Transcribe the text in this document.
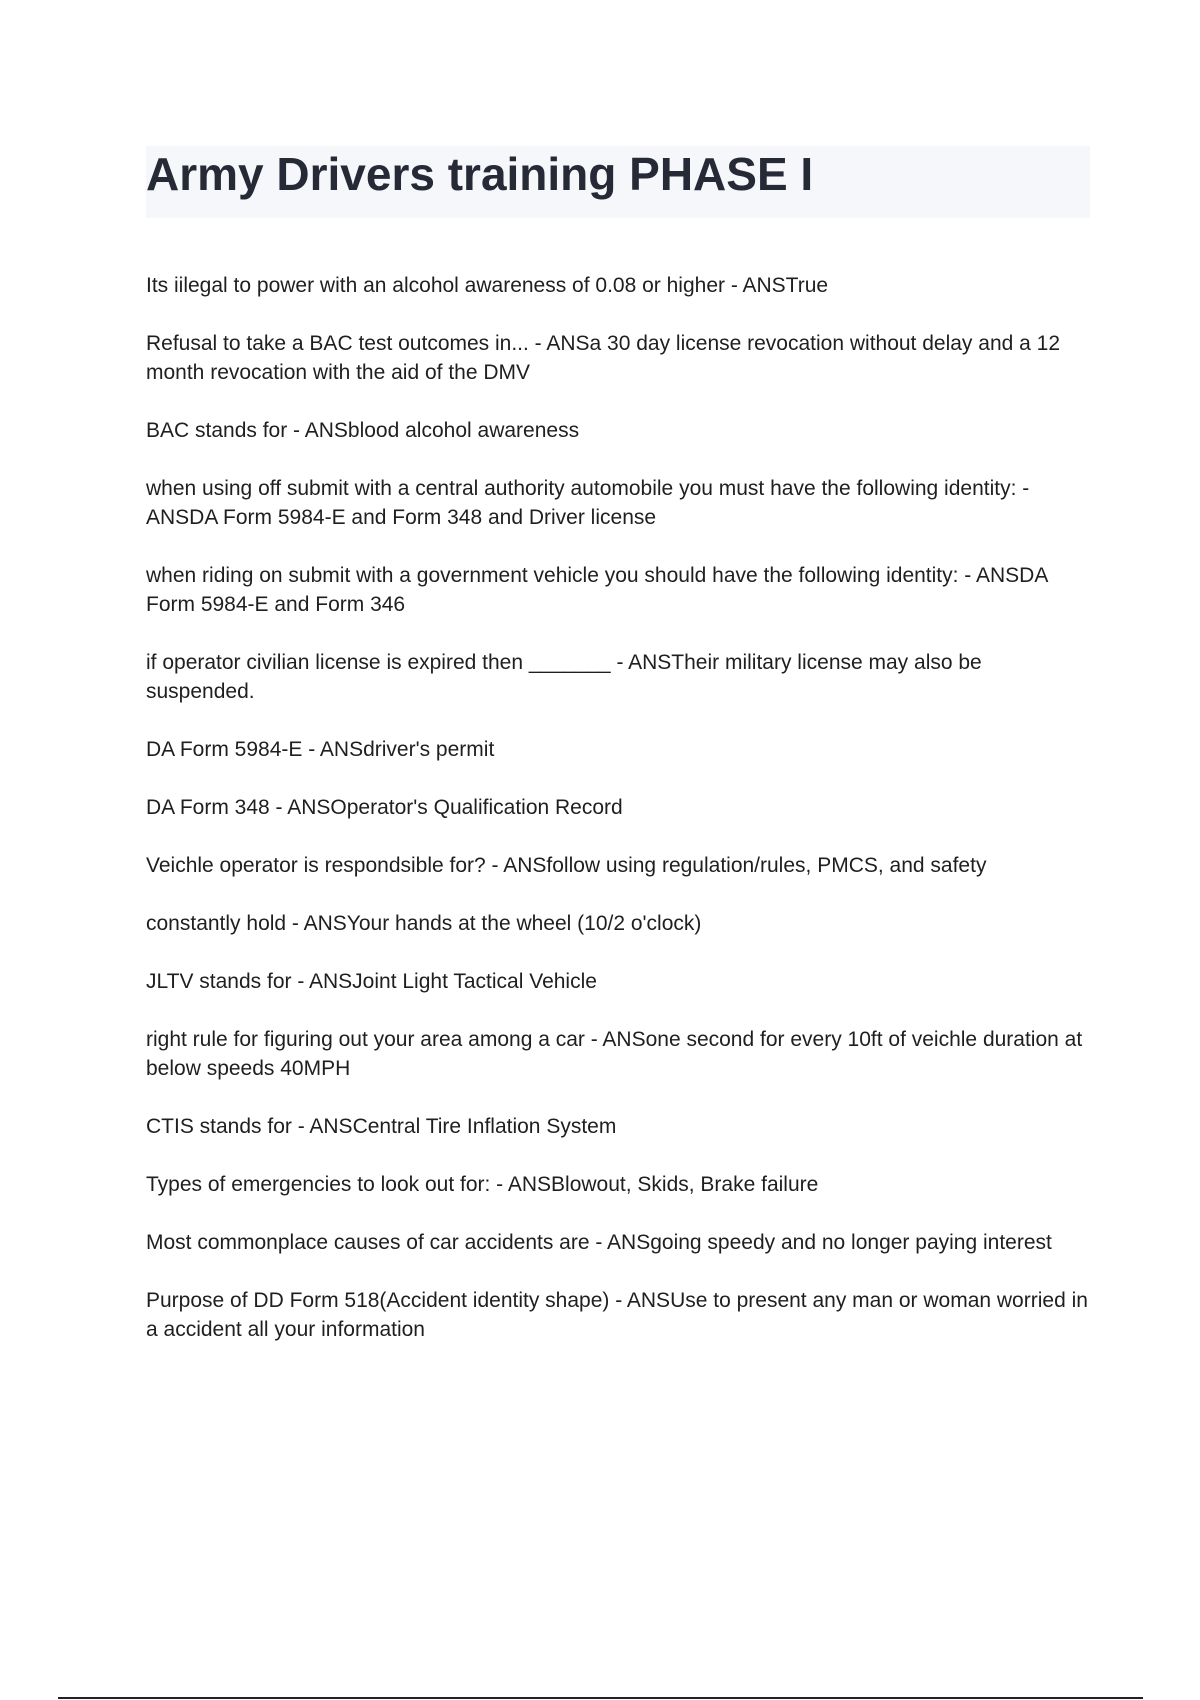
Army Drivers training PHASE I
Its iilegal to power with an alcohol awareness of 0.08 or higher - ANSTrue
Refusal to take a BAC test outcomes in... - ANSa 30 day license revocation without delay and a 12 month revocation with the aid of the DMV
BAC stands for - ANSblood alcohol awareness
when using off submit with a central authority automobile you must have the following identity: - ANSDA Form 5984-E and Form 348 and Driver license
when riding on submit with a government vehicle you should have the following identity: - ANSDA Form 5984-E and Form 346
if operator civilian license is expired then _______ - ANSTheir military license may also be suspended.
DA Form 5984-E - ANSdriver's permit
DA Form 348 - ANSOperator's Qualification Record
Veichle operator is respondsible for? - ANSfollow using regulation/rules, PMCS, and safety
constantly hold - ANSYour hands at the wheel (10/2 o'clock)
JLTV stands for - ANSJoint Light Tactical Vehicle
right rule for figuring out your area among a car - ANSone second for every 10ft of veichle duration at below speeds 40MPH
CTIS stands for - ANSCentral Tire Inflation System
Types of emergencies to look out for: - ANSBlowout, Skids, Brake failure
Most commonplace causes of car accidents are - ANSgoing speedy and no longer paying interest
Purpose of DD Form 518(Accident identity shape) - ANSUse to present any man or woman worried in a accident all your information
